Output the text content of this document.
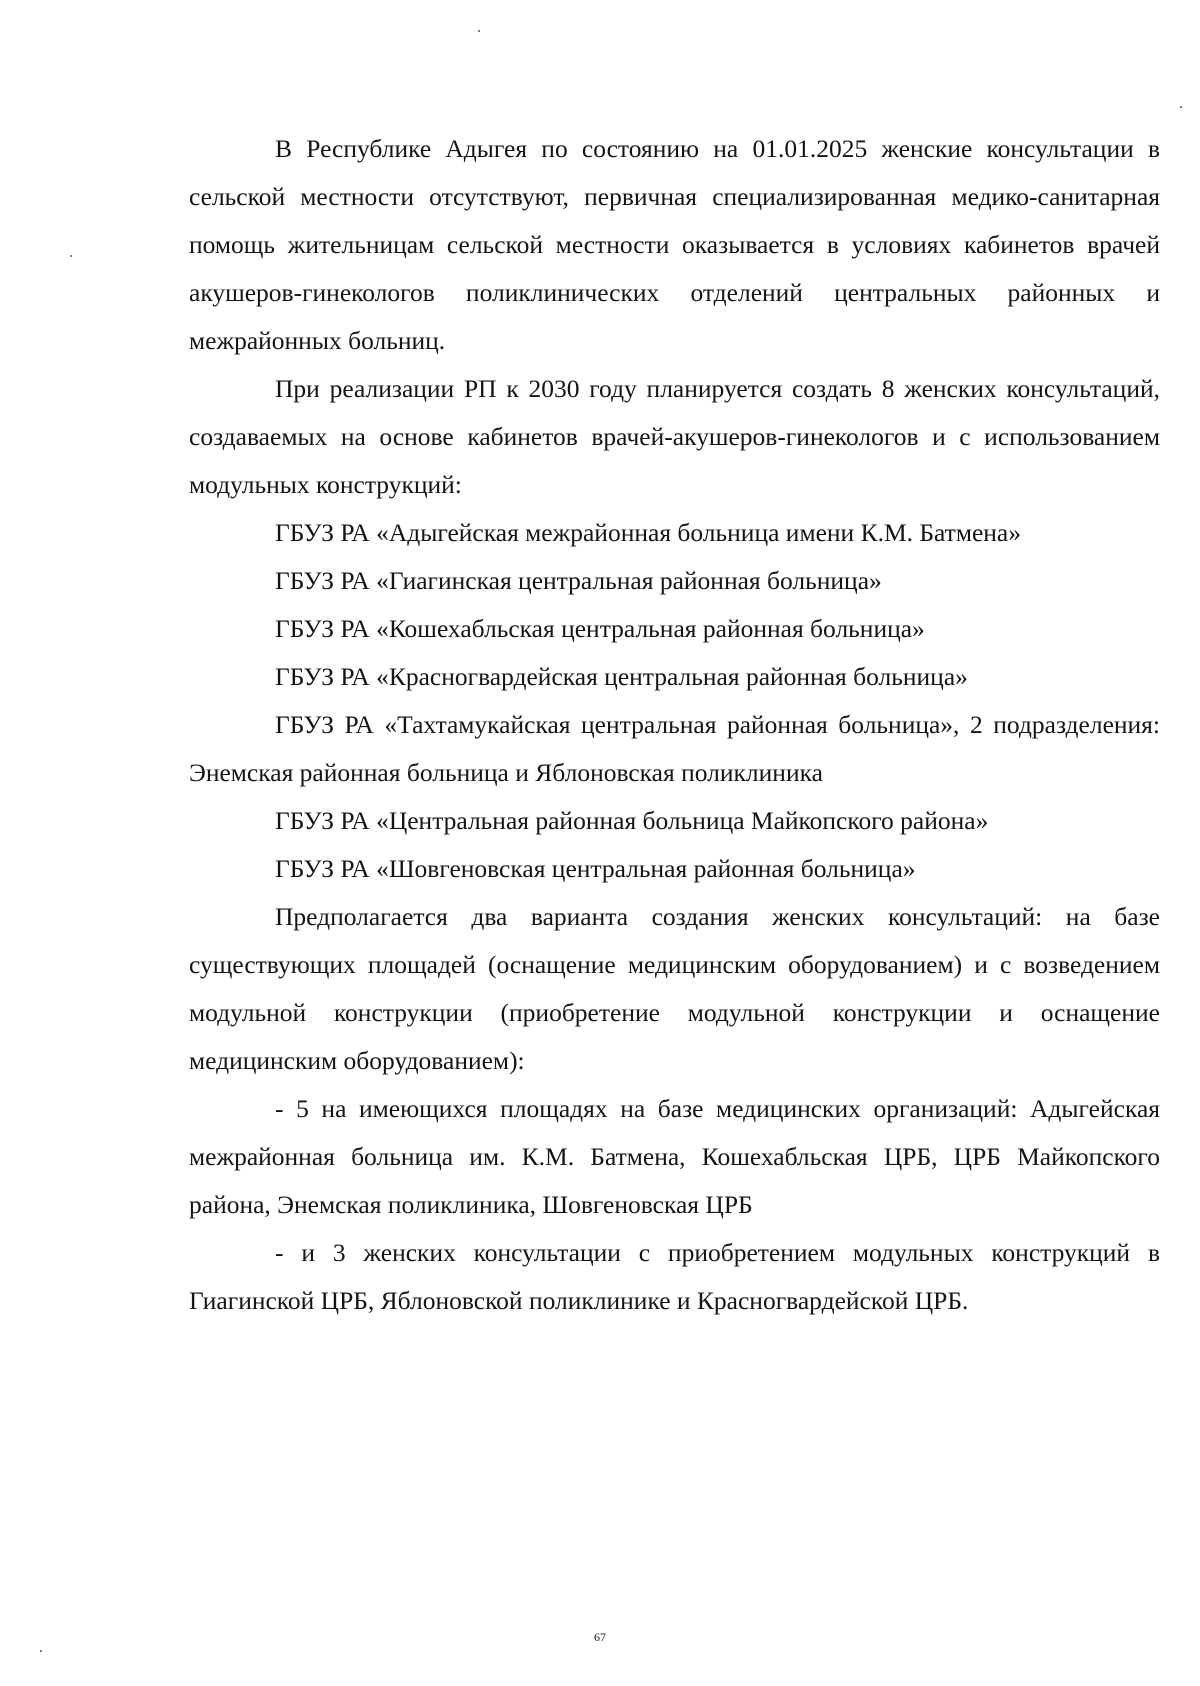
В Республике Адыгея по состоянию на 01.01.2025 женские консультации в сельской местности отсутствуют, первичная специализированная медико-санитарная помощь жительницам сельской местности оказывается в условиях кабинетов врачей акушеров-гинекологов поликлинических отделений центральных районных и межрайонных больниц.

При реализации РП к 2030 году планируется создать 8 женских консультаций, создаваемых на основе кабинетов врачей-акушеров-гинекологов и с использованием модульных конструкций:

ГБУЗ РА «Адыгейская межрайонная больница имени К.М. Батмена»

ГБУЗ РА «Гиагинская центральная районная больница»

ГБУЗ РА «Кошехабльская центральная районная больница»

ГБУЗ РА «Красногвардейская центральная районная больница»

ГБУЗ РА «Тахтамукайская центральная районная больница», 2 подразделения: Энемская районная больница и Яблоновская поликлиника

ГБУЗ РА «Центральная районная больница Майкопского района»

ГБУЗ РА «Шовгеновская центральная районная больница»

Предполагается два варианта создания женских консультаций: на базе существующих площадей (оснащение медицинским оборудованием) и с возведением модульной конструкции (приобретение модульной конструкции и оснащение медицинским оборудованием):

- 5 на имеющихся площадях на базе медицинских организаций: Адыгейская межрайонная больница им. К.М. Батмена, Кошехабльская ЦРБ, ЦРБ Майкопского района, Энемская поликлиника, Шовгеновская ЦРБ

- и 3 женских консультации с приобретением модульных конструкций в Гиагинской ЦРБ, Яблоновской поликлинике и Красногвардейской ЦРБ.

67
